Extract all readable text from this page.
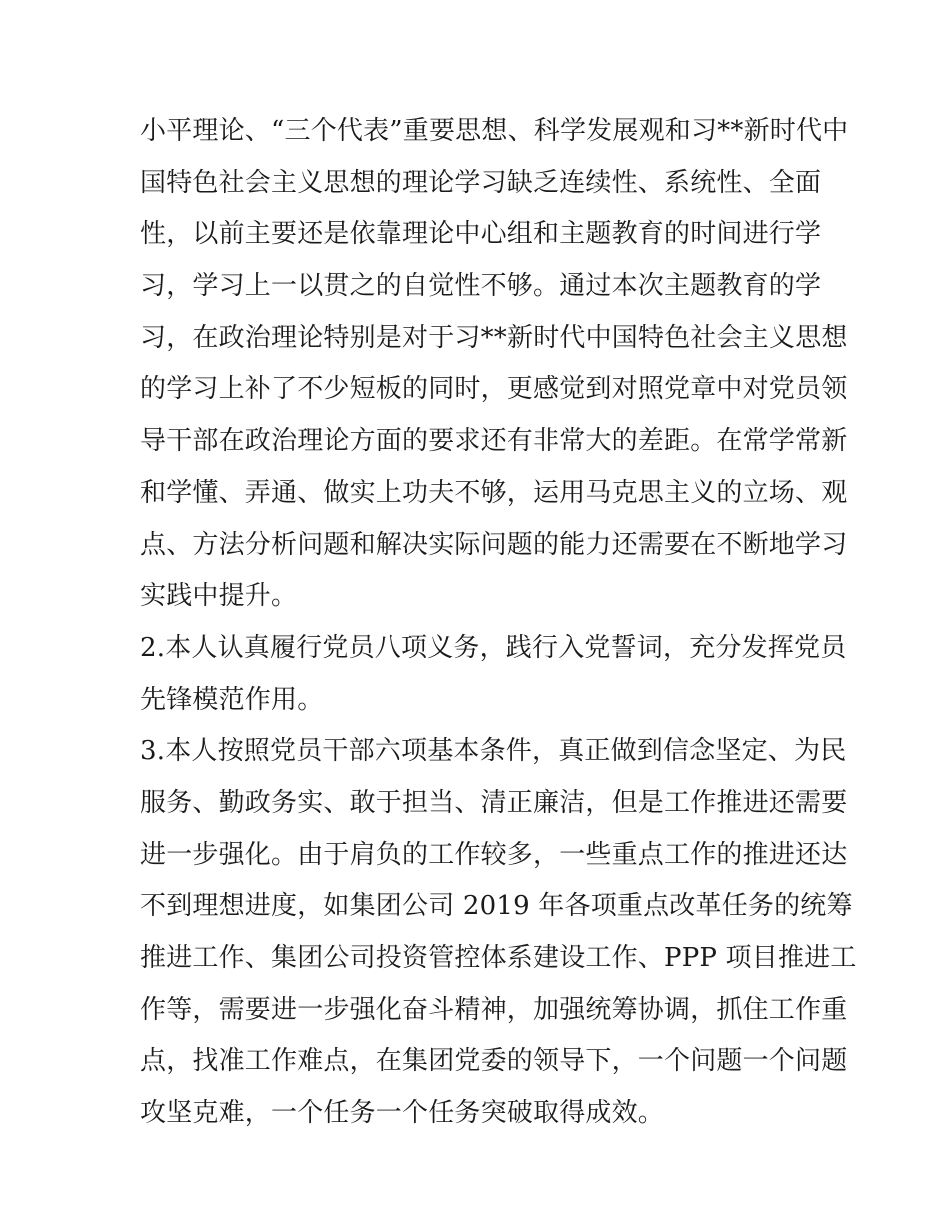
小平理论、“三个代表”重要思想、科学发展观和习**新时代中
国特色社会主义思想的理论学习缺乏连续性、系统性、全面
性，以前主要还是依靠理论中心组和主题教育的时间进行学
习，学习上一以贯之的自觉性不够。通过本次主题教育的学
习，在政治理论特别是对于习**新时代中国特色社会主义思想
的学习上补了不少短板的同时，更感觉到对照党章中对党员领
导干部在政治理论方面的要求还有非常大的差距。在常学常新
和学懂、弄通、做实上功夫不够，运用马克思主义的立场、观
点、方法分析问题和解决实际问题的能力还需要在不断地学习
实践中提升。
2.本人认真履行党员八项义务，践行入党誓词，充分发挥党员
先锋模范作用。
3.本人按照党员干部六项基本条件，真正做到信念坚定、为民
服务、勤政务实、敢于担当、清正廉洁，但是工作推进还需要
进一步强化。由于肩负的工作较多，一些重点工作的推进还达
不到理想进度，如集团公司 2019 年各项重点改革任务的统筹
推进工作、集团公司投资管控体系建设工作、PPP 项目推进工
作等，需要进一步强化奋斗精神，加强统筹协调，抓住工作重
点，找准工作难点，在集团党委的领导下，一个问题一个问题
攻坚克难，一个任务一个任务突破取得成效。
